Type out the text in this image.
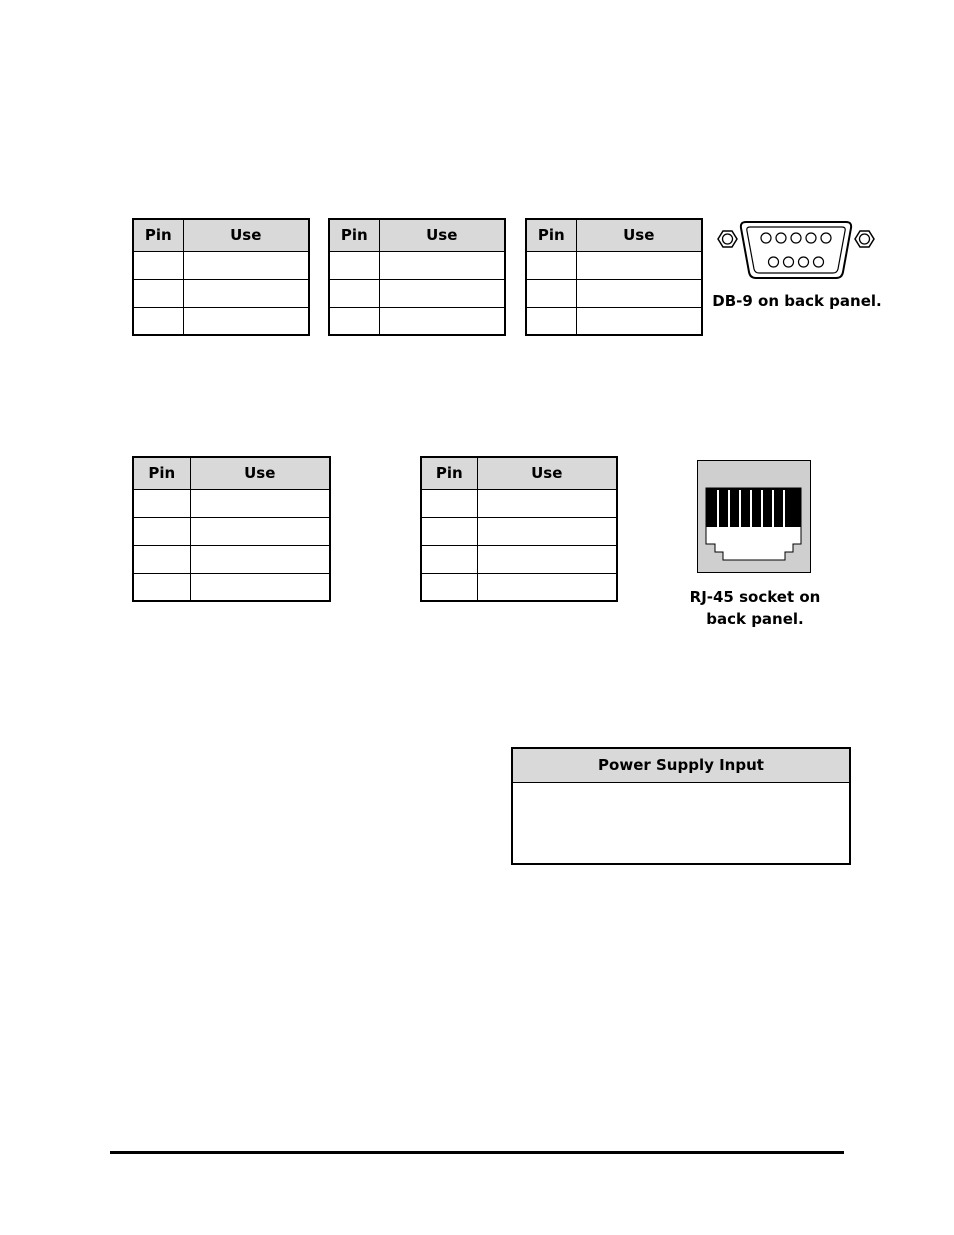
Pin	Use

		Pin	Use

		Pin	Use

DB-9 on back panel.
Pin	Use

		Pin	Use

RJ-45 socket on
back panel.
Power Supply Input
